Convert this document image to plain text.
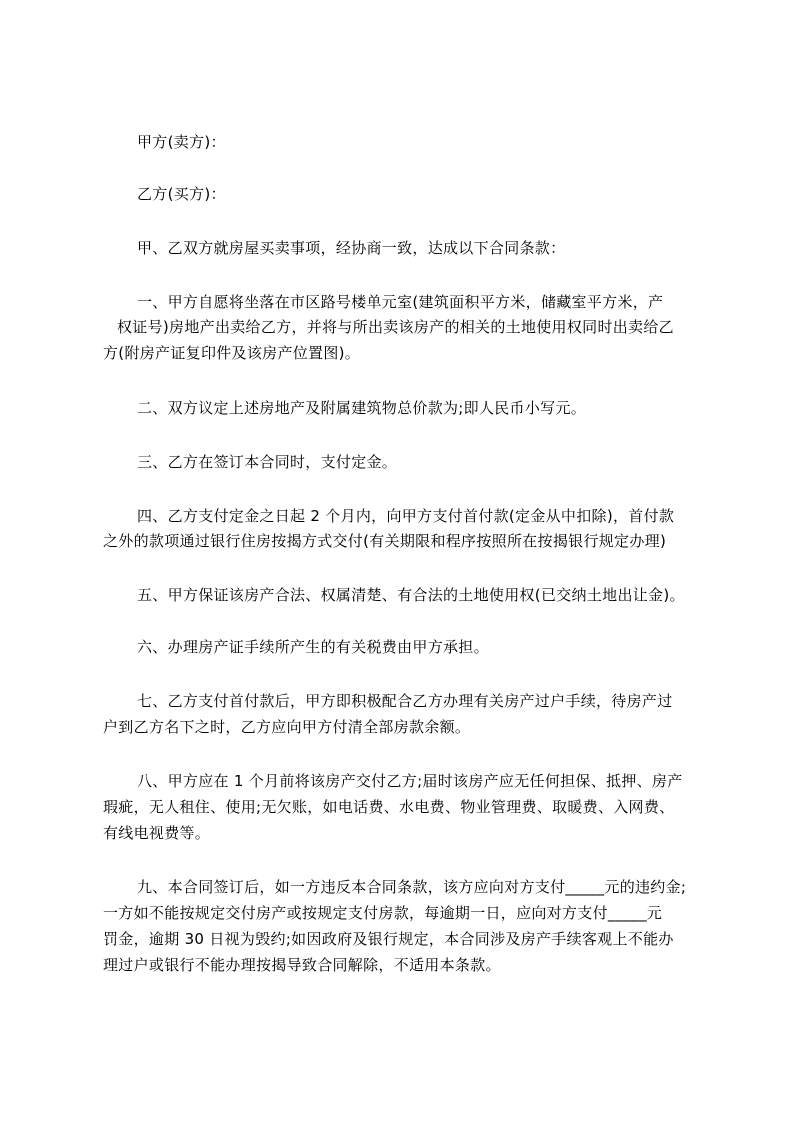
甲方(卖方)：
乙方(买方)：
甲、乙双方就房屋买卖事项，经协商一致，达成以下合同条款：
一、甲方自愿将坐落在市区路号楼单元室(建筑面积平方米，储藏室平方米，产
权证号)房地产出卖给乙方，并将与所出卖该房产的相关的土地使用权同时出卖给乙
方(附房产证复印件及该房产位置图)。
二、双方议定上述房地产及附属建筑物总价款为;即人民币小写元。
三、乙方在签订本合同时，支付定金。
四、乙方支付定金之日起 2 个月内，向甲方支付首付款(定金从中扣除)，首付款
之外的款项通过银行住房按揭方式交付(有关期限和程序按照所在按揭银行规定办理)
五、甲方保证该房产合法、权属清楚、有合法的土地使用权(已交纳土地出让金)。
六、办理房产证手续所产生的有关税费由甲方承担。
七、乙方支付首付款后，甲方即积极配合乙方办理有关房产过户手续，待房产过
户到乙方名下之时，乙方应向甲方付清全部房款余额。
八、甲方应在 1 个月前将该房产交付乙方;届时该房产应无任何担保、抵押、房产
瑕疵，无人租住、使用;无欠账，如电话费、水电费、物业管理费、取暖费、入网费、
有线电视费等。
九、本合同签订后，如一方违反本合同条款，该方应向对方支付_____元的违约金;
一方如不能按规定交付房产或按规定支付房款，每逾期一日，应向对方支付_____元
罚金，逾期 30 日视为毁约;如因政府及银行规定，本合同涉及房产手续客观上不能办
理过户或银行不能办理按揭导致合同解除，不适用本条款。
